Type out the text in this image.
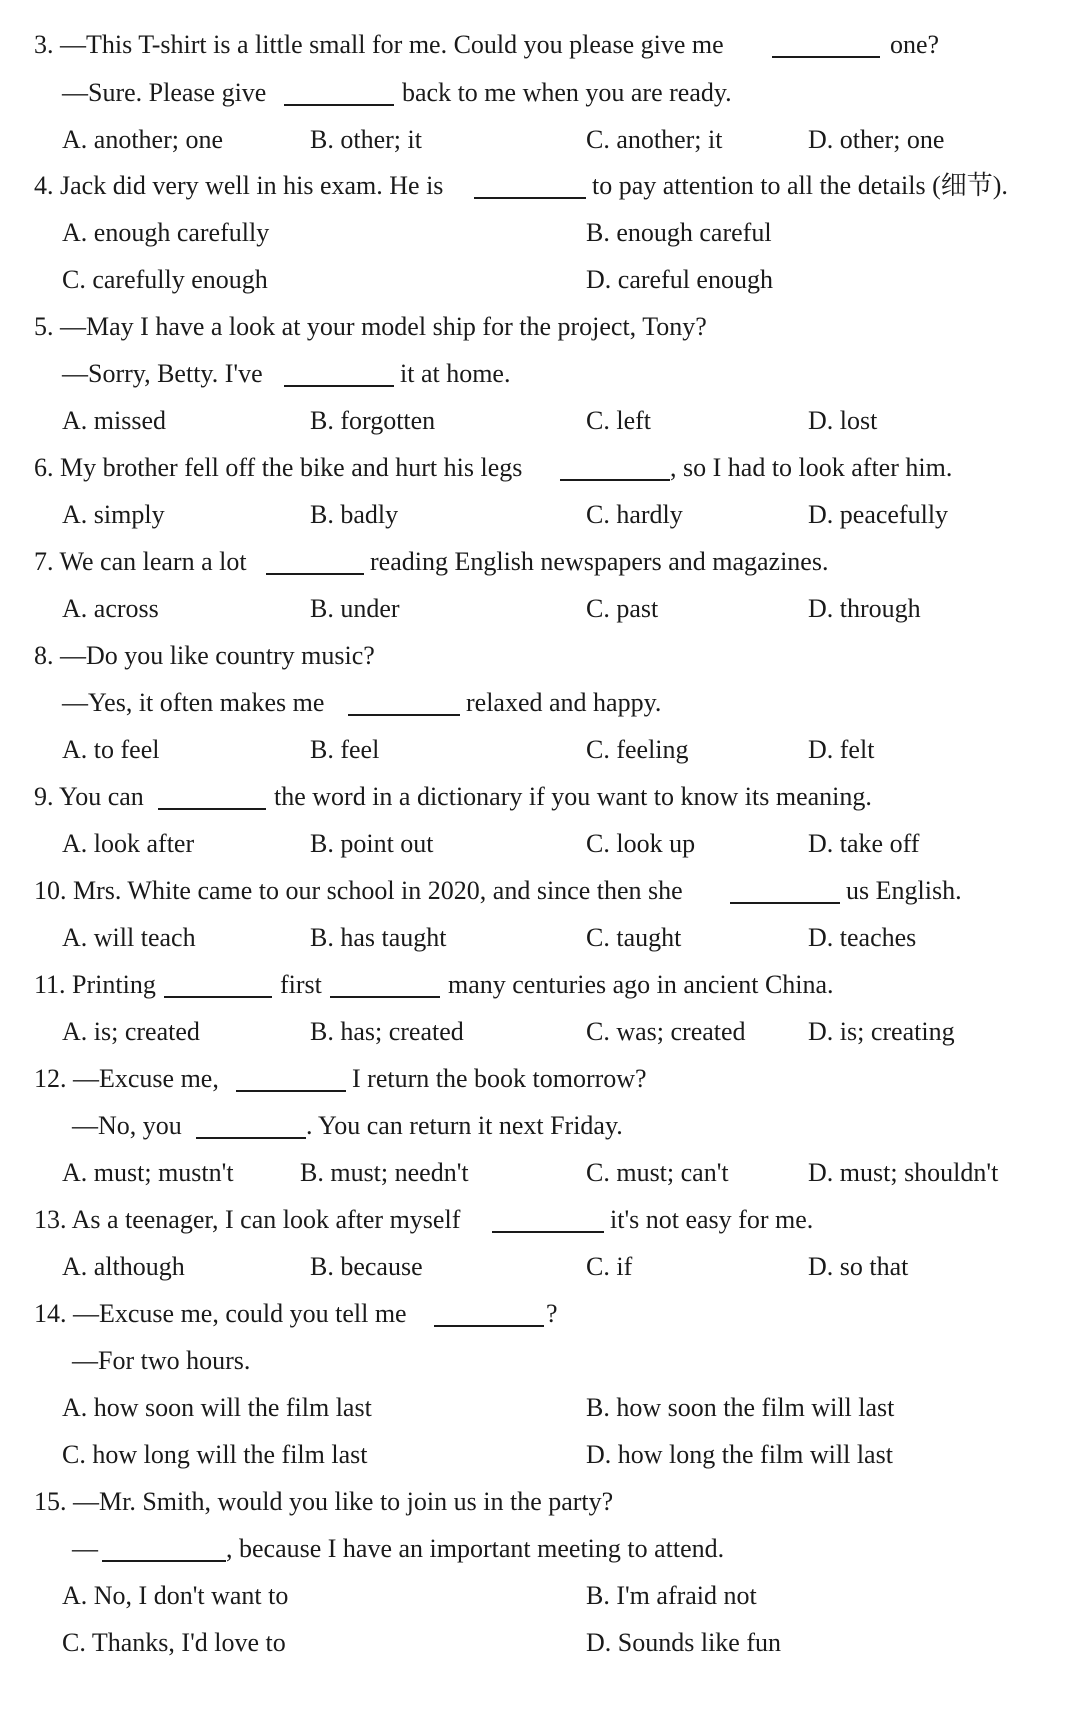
3. —This T-shirt is a little small for me. Could you please give me	one?
—Sure. Please give	back to me when you are ready.
A. another; one	B. other; it	C. another; it	D. other; one
4. Jack did very well in his exam. He is	to pay attention to all the details (细节).
A. enough carefully	B. enough careful
C. carefully enough	D. careful enough
5. —May I have a look at your model ship for the project, Tony?
—Sorry, Betty. I've	it at home.
A. missed	B. forgotten	C. left	D. lost
6. My brother fell off the bike and hurt his legs	, so I had to look after him.
A. simply	B. badly	C. hardly	D. peacefully
7. We can learn a lot	reading English newspapers and magazines.
A. across	B. under	C. past	D. through
8. —Do you like country music?
—Yes, it often makes me	relaxed and happy.
A. to feel	B. feel	C. feeling	D. felt
9. You can	the word in a dictionary if you want to know its meaning.
A. look after	B. point out	C. look up	D. take off
10. Mrs. White came to our school in 2020, and since then she	us English.
A. will teach	B. has taught	C. taught	D. teaches
11. Printing	first	many centuries ago in ancient China.
A. is; created	B. has; created	C. was; created D. is; creating
12. —Excuse me,	I return the book tomorrow?
—No, you	. You can return it next Friday.
A. must; mustn't	B. must; needn't	C. must; can't	D. must; shouldn't
13. As a teenager, I can look after myself	it's not easy for me.
A. although	B. because	C. if	D. so that
14. —Excuse me, could you tell me	?
—For two hours.
A. how soon will the film last	B. how soon the film will last
C. how long will the film last	D. how long the film will last
15. —Mr. Smith, would you like to join us in the party?
—	, because I have an important meeting to attend.
A. No, I don't want to	B. I'm afraid not
C. Thanks, I'd love to	D. Sounds like fun
